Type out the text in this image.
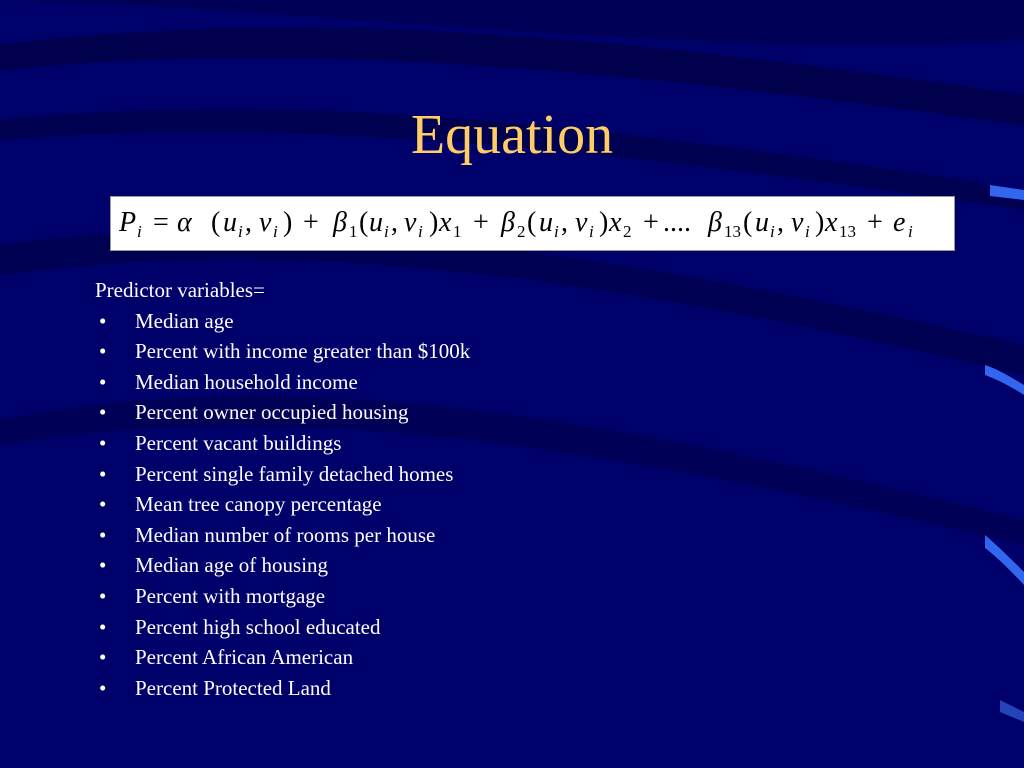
Equation
P i = α ( u i , v i ) + β 1 ( u i , v i ) x 1 + β 2 ( u i , v i ) x 2 + .... β 13 ( u i , v i ) x 13 + e i
Predictor variables=
• Median age
• Percent with income greater than $100k
• Median household income
• Percent owner occupied housing
• Percent vacant buildings
• Percent single family detached homes
• Mean tree canopy percentage
• Median number of rooms per house
• Median age of housing
• Percent with mortgage
• Percent high school educated
• Percent African American
• Percent Protected Land
